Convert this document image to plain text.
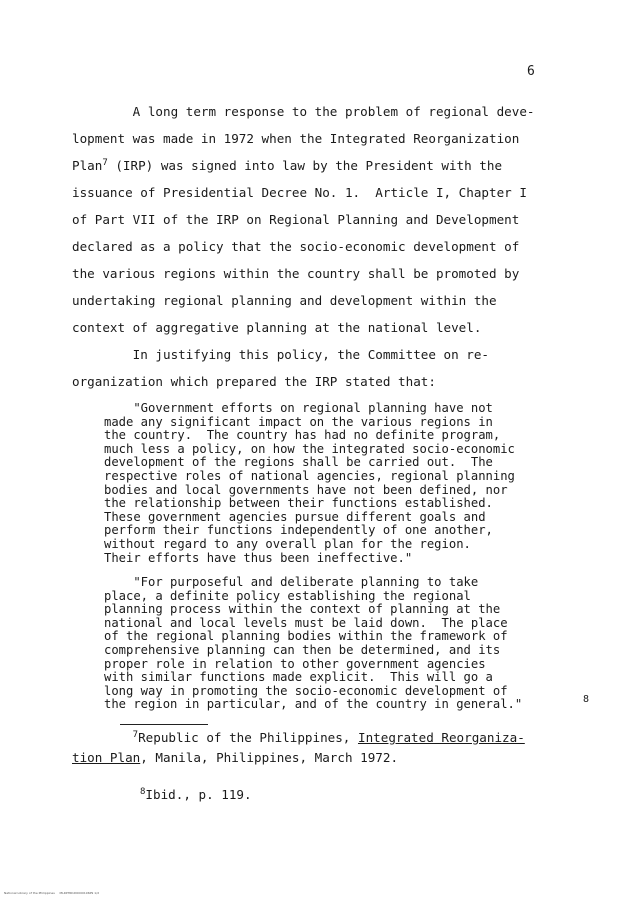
6
A long term response to the problem of regional deve-
lopment was made in 1972 when the Integrated Reorganization
Plan$^7$ (IRP) was signed into law by the President with the
issuance of Presidential Decree No. 1.  Article I, Chapter I
of Part VII of the IRP on Regional Planning and Development
declared as a policy that the socio-economic development of
the various regions within the country shall be promoted by
undertaking regional planning and development within the
context of aggregative planning at the national level.
In justifying this policy, the Committee on re-
organization which prepared the IRP stated that:
"Government efforts on regional planning have not
made any significant impact on the various regions in
the country.  The country has had no definite program,
much less a policy, on how the integrated socio-economic
development of the regions shall be carried out.  The
respective roles of national agencies, regional planning
bodies and local governments have not been defined, nor
the relationship between their functions established.
These government agencies pursue different goals and
perform their functions independently of one another,
without regard to any overall plan for the region.
Their efforts have thus been ineffective."
"For purposeful and deliberate planning to take
place, a definite policy establishing the regional
planning process within the context of planning at the
national and local levels must be laid down.  The place
of the regional planning bodies within the framework of
comprehensive planning can then be determined, and its
proper role in relation to other government agencies
with similar functions made explicit.  This will go a
long way in promoting the socio-economic development of
the region in particular, and of the country in general."	8
$^7$Republic of the Philippines, Integrated Reorganiza-
tion Plan, Manila, Philippines, March 1972.
$^8$Ibid., p. 119.
National Library of the Philippines     MLRPHR1D0000196P9 1/2
